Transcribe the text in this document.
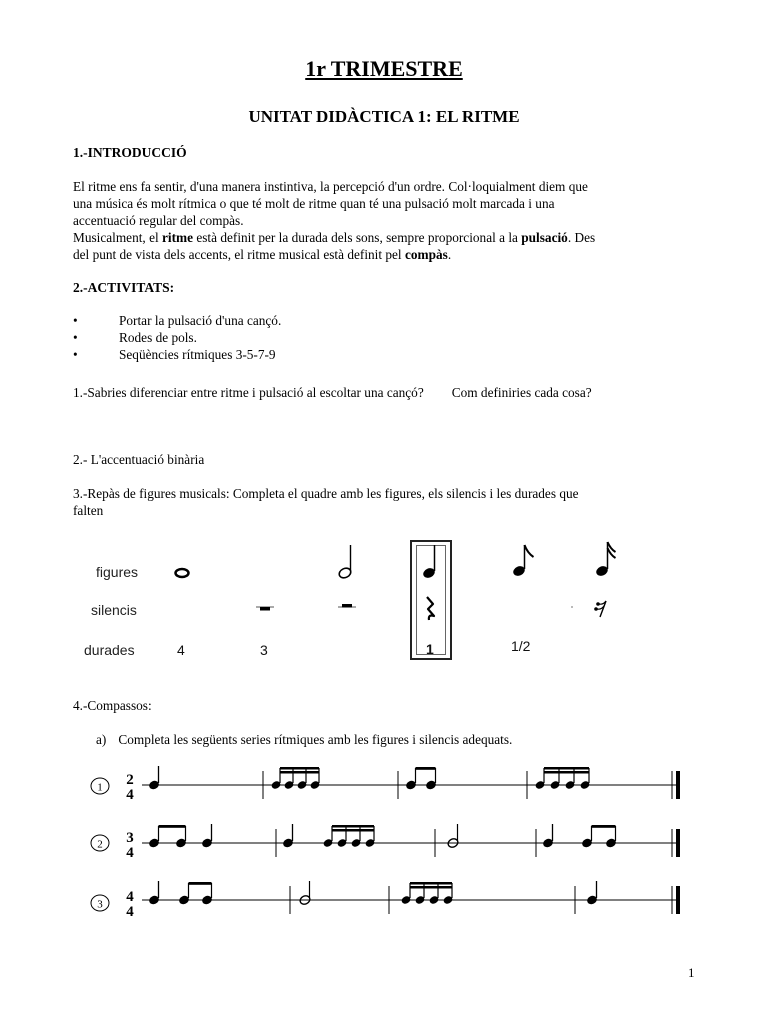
1r TRIMESTRE
UNITAT DIDÀCTICA 1: EL RITME
1.-INTRODUCCIÓ
El ritme ens fa sentir, d'una manera instintiva, la percepció d'un ordre. Col·loquialment diem que
una música és molt rítmica o que té molt de ritme quan té una pulsació molt marcada i una
accentuació regular del compàs.
Musicalment, el ritme està definit per la durada dels sons, sempre proporcional a la pulsació. Des
del punt de vista dels accents, el ritme musical està definit pel compàs.
2.-ACTIVITATS:
•	Portar la pulsació d'una cançó.
•	Rodes de pols.
•	Seqüències rítmiques 3-5-7-9
1.-Sabries diferenciar entre ritme i pulsació al escoltar una cançó? Com definiries cada cosa?
2.- L'accentuació binària
3.-Repàs de figures musicals: Completa el quadre amb les figures, els silencis i les durades que
falten
figures
silencis
durades	4	3	1	1/2
4.-Compassos:
a) Completa les següents series rítmiques amb les figures i silencis adequats.
1 2
4
2 3
4
3 4
4
1
